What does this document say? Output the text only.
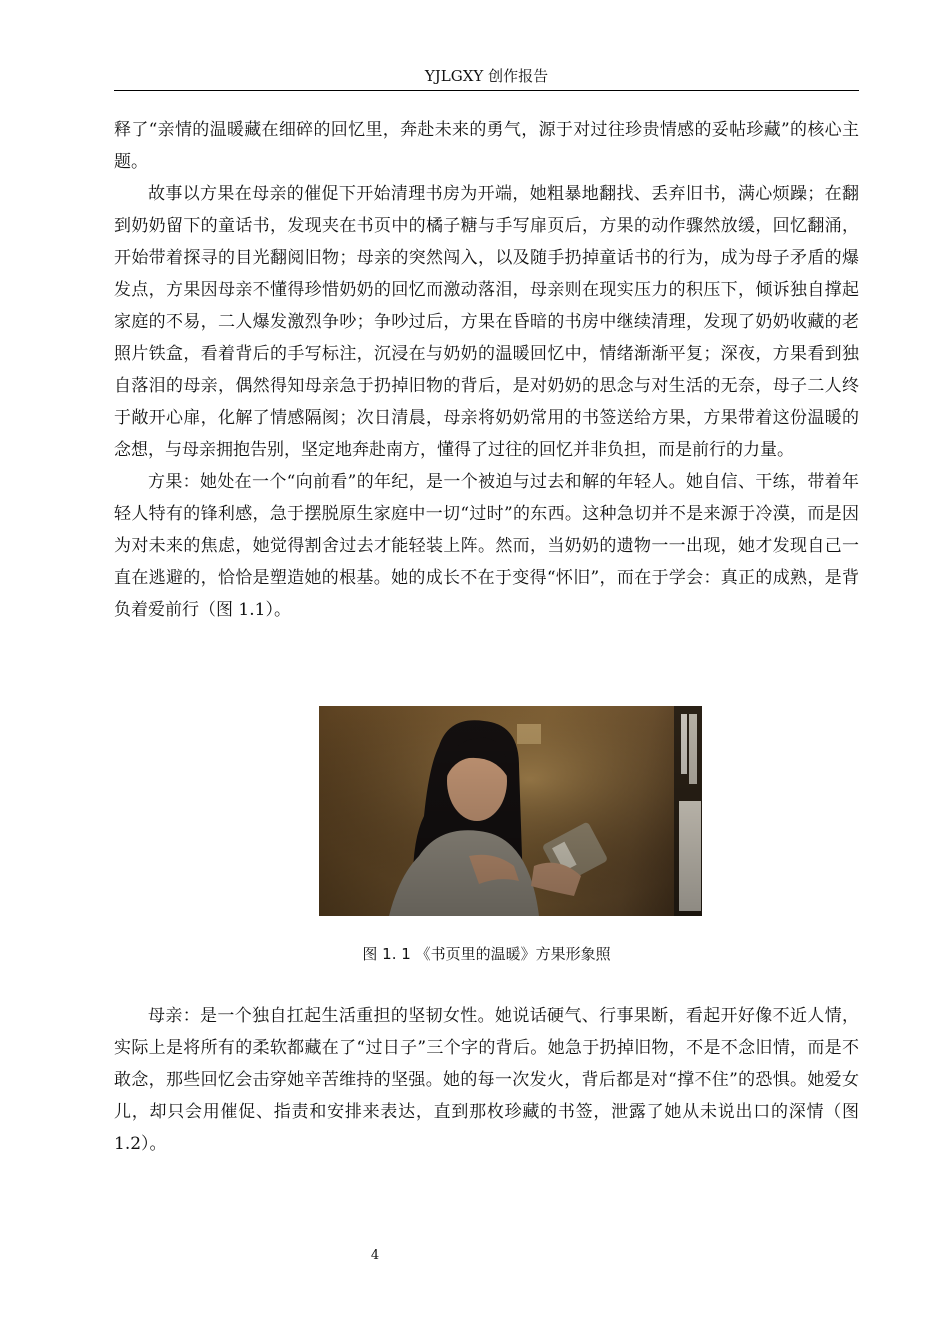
YJLGXY 创作报告

释了“亲情的温暖藏在细碎的回忆里，奔赴未来的勇气，源于对过往珍贵情感的妥帖珍藏”的核心主题。

故事以方果在母亲的催促下开始清理书房为开端，她粗暴地翻找、丢弃旧书，满心烦躁；在翻到奶奶留下的童话书，发现夹在书页中的橘子糖与手写扉页后，方果的动作骤然放缓，回忆翻涌，开始带着探寻的目光翻阅旧物；母亲的突然闯入，以及随手扔掉童话书的行为，成为母子矛盾的爆发点，方果因母亲不懂得珍惜奶奶的回忆而激动落泪，母亲则在现实压力的积压下，倾诉独自撑起家庭的不易，二人爆发激烈争吵；争吵过后，方果在昏暗的书房中继续清理，发现了奶奶收藏的老照片铁盒，看着背后的手写标注，沉浸在与奶奶的温暖回忆中，情绪渐渐平复；深夜，方果看到独自落泪的母亲，偶然得知母亲急于扔掉旧物的背后，是对奶奶的思念与对生活的无奈，母子二人终于敞开心扉，化解了情感隔阂；次日清晨，母亲将奶奶常用的书签送给方果，方果带着这份温暖的念想，与母亲拥抱告别，坚定地奔赴南方，懂得了过往的回忆并非负担，而是前行的力量。

方果：她处在一个“向前看”的年纪，是一个被迫与过去和解的年轻人。她自信、干练，带着年轻人特有的锋利感，急于摆脱原生家庭中一切“过时”的东西。这种急切并不是来源于冷漠，而是因为对未来的焦虑，她觉得割舍过去才能轻装上阵。然而，当奶奶的遗物一一出现，她才发现自己一直在逃避的，恰恰是塑造她的根基。她的成长不在于变得“怀旧”，而在于学会：真正的成熟，是背负着爱前行（图 1.1）。

图 1. 1 《书页里的温暖》方果形象照

母亲：是一个独自扛起生活重担的坚韧女性。她说话硬气、行事果断，看起开好像不近人情，实际上是将所有的柔软都藏在了“过日子”三个字的背后。她急于扔掉旧物，不是不念旧情，而是不敢念，那些回忆会击穿她辛苦维持的坚强。她的每一次发火，背后都是对“撑不住”的恐惧。她爱女儿，却只会用催促、指责和安排来表达，直到那枚珍藏的书签，泄露了她从未说出口的深情（图 1.2）。

4
